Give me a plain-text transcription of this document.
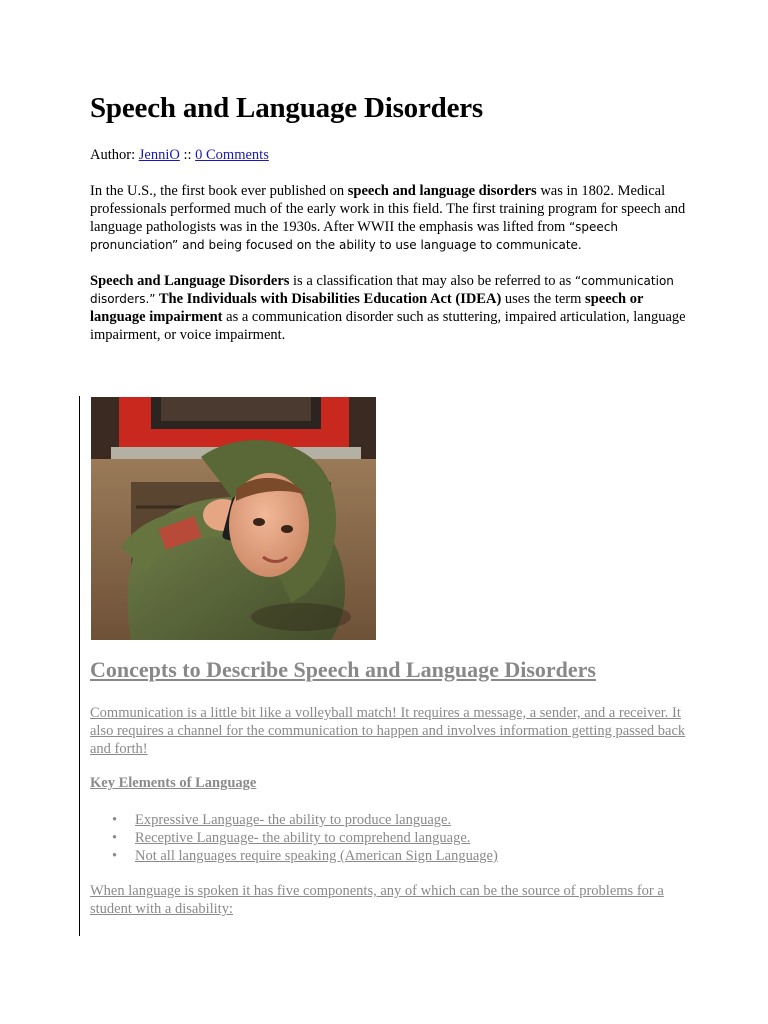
Speech and Language Disorders
Author: JenniO :: 0 Comments

In the U.S., the first book ever published on speech and language disorders was in 1802. Medical professionals performed much of the early work in this field. The first training program for speech and language pathologists was in the 1930s. After WWII the emphasis was lifted from “speech pronunciation” and being focused on the ability to use language to communicate.

Speech and Language Disorders is a classification that may also be referred to as “communication disorders.” The Individuals with Disabilities Education Act (IDEA) uses the term speech or language impairment as a communication disorder such as stuttering, impaired articulation, language impairment, or voice impairment.

Concepts to Describe Speech and Language Disorders

Communication is a little bit like a volleyball match! It requires a message, a sender, and a receiver. It also requires a channel for the communication to happen and involves information getting passed back and forth!

Key Elements of Language
• Expressive Language- the ability to produce language.
• Receptive Language- the ability to comprehend language.
• Not all languages require speaking (American Sign Language)

When language is spoken it has five components, any of which can be the source of problems for a student with a disability:
